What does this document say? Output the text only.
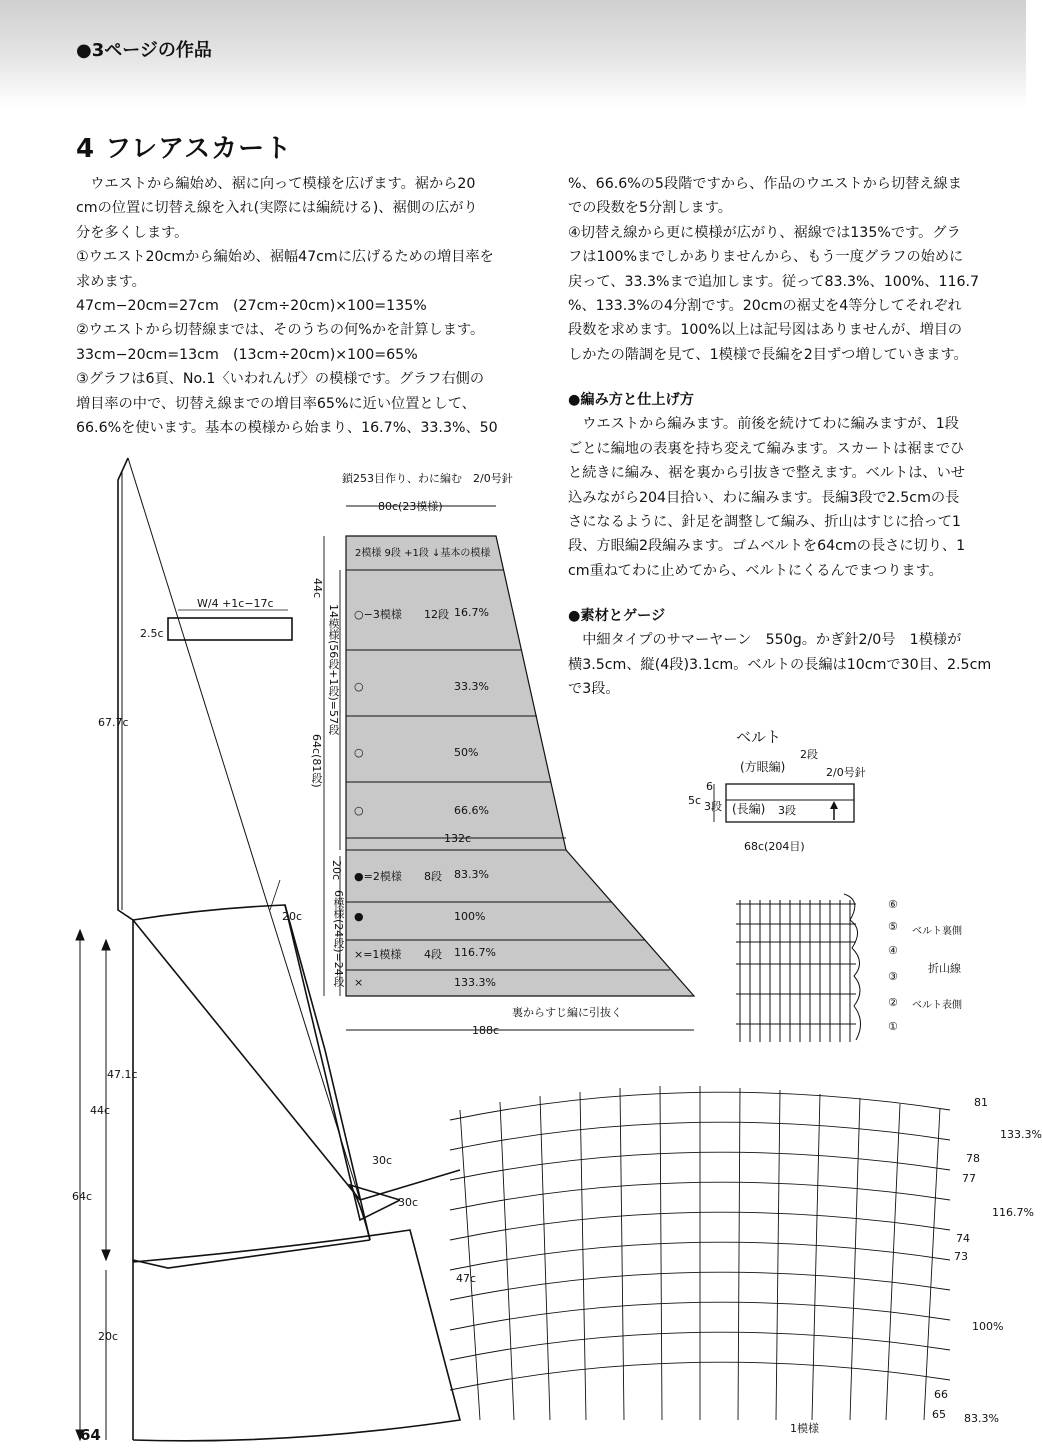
●3ページの作品
4 フレアスカート

ウエストから編始め、裾に向って模様を広げます。裾から20

cmの位置に切替え線を入れ(実際には編続ける)、裾側の広がり

分を多くします。

①ウエスト20cmから編始め、裾幅47cmに広げるための増目率を

求めます。

47cm−20cm=27cm　(27cm÷20cm)×100=135%

②ウエストから切替線までは、そのうちの何%かを計算します。

33cm−20cm=13cm　(13cm÷20cm)×100=65%

③グラフは6頁、No.1〈いわれんげ〉の模様です。グラフ右側の

増目率の中で、切替え線までの増目率65%に近い位置として、

66.6%を使います。基本の模様から始まり、16.7%、33.3%、50

%、66.6%の5段階ですから、作品のウエストから切替え線ま

での段数を5分割します。

④切替え線から更に模様が広がり、裾線では135%です。グラ

フは100%までしかありませんから、もう一度グラフの始めに

戻って、33.3%まで追加します。従って83.3%、100%、116.7

%、133.3%の4分割です。20cmの裾丈を4等分してそれぞれ

段数を求めます。100%以上は記号図はありませんが、増目の

しかたの階調を見て、1模様で長編を2目ずつ増していきます。

●編み方と仕上げ方

ウエストから編みます。前後を続けてわに編みますが、1段

ごとに編地の表裏を持ち変えて編みます。スカートは裾までひ

と続きに編み、裾を裏から引抜きで整えます。ベルトは、いせ

込みながら204目拾い、わに編みます。長編3段で2.5cmの長

さになるように、針足を調整して編み、折山はすじに拾って1

段、方眼編2段編みます。ゴムベルトを64cmの長さに切り、1

cm重ねてわに止めてから、ベルトにくるんでまつります。

●素材とゲージ

中細タイプのサマーヤーン　550g。かぎ針2/0号　1模様が

横3.5cm、縦(4段)3.1cm。ベルトの長編は10cmで30目、2.5cm

で3段。

W/4 +1c−17c
2.5c
67.7c
20c
47.1c
44c
64c
20c
30c
30c
47c
鎖253目作り、わに編む　2/0号針
80c(23模様)
2模様 9段 +1段 ↓基本の模様
44c
14模様(56段+1段)=57段
64c(81段)
20c
6模様(24段)=24段
○−3模様 12段 16.7%
○	33.3%
○	50%
○	66.6%
132c
●=2模様 8段 83.3%
●	100%
×=1模様 4段 116.7%
×	133.3%
裏からすじ編に引抜く
188c
ベルト
(方眼編)
2段
2/0号針
5c
6
3段 (長編) 3段
68c(204目)
⑥
⑤
④
③
②
①
ベルト裏側
折山線
ベルト表側
81
78
77
74
73
66
65
133.3%
116.7%
100%
83.3%
1模様
64
